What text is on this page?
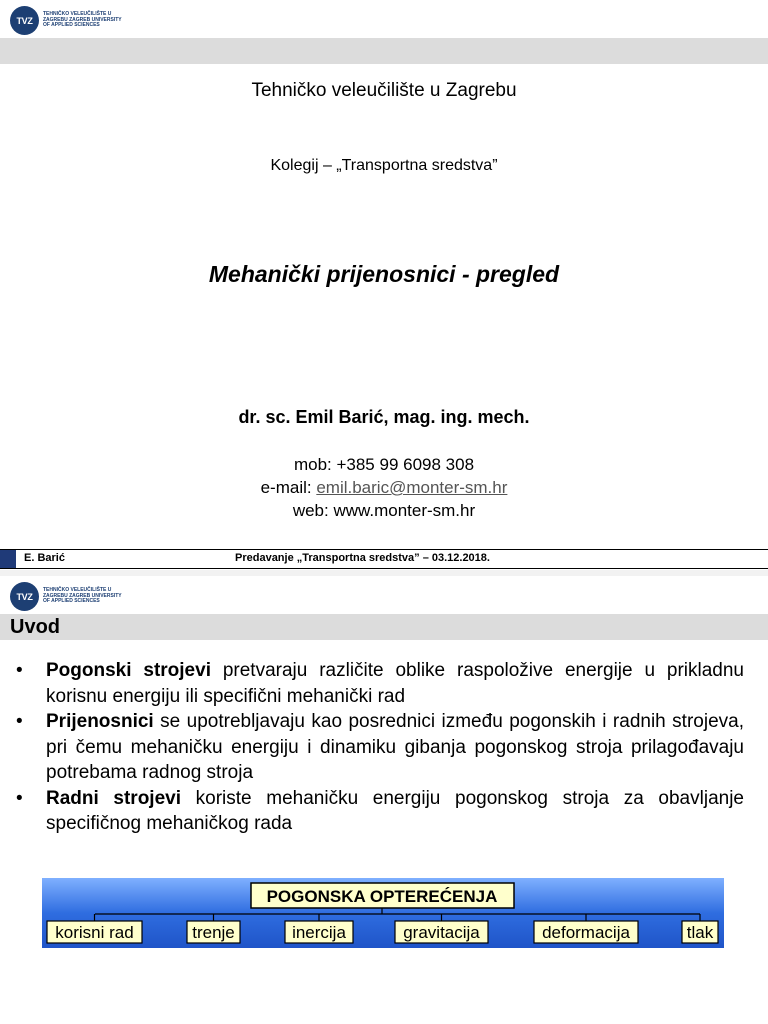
TVZ
TEHNIČKO VELEUČILIŠTE U
ZAGREBU ZAGREB UNIVERSITY
OF APPLIED SCIENCES
Tehničko veleučilište u Zagrebu
Kolegij – „Transportna sredstva”
Mehanički prijenosnici - pregled
dr. sc. Emil Barić, mag. ing. mech.
mob: +385 99 6098 308
e-mail: emil.baric@monter-sm.hr
web: www.monter-sm.hr
E. Barić	Predavanje „Transportna sredstva” – 03.12.2018.
TVZ
TEHNIČKO VELEUČILIŠTE U
ZAGREBU ZAGREB UNIVERSITY
OF APPLIED SCIENCES
Uvod
• Pogonski strojevi pretvaraju različite oblike raspoložive energije u prikladnu korisnu energiju ili specifični mehanički rad
• Prijenosnici se upotrebljavaju kao posrednici između pogonskih i radnih strojeva, pri čemu mehaničku energiju i dinamiku gibanja pogonskog stroja prilagođavaju potrebama radnog stroja
• Radni strojevi koriste mehaničku energiju pogonskog stroja za obavljanje specifičnog mehaničkog rada
POGONSKA OPTEREĆENJA
korisni rad	trenje	inercija	gravitacija	deformacija	tlak
